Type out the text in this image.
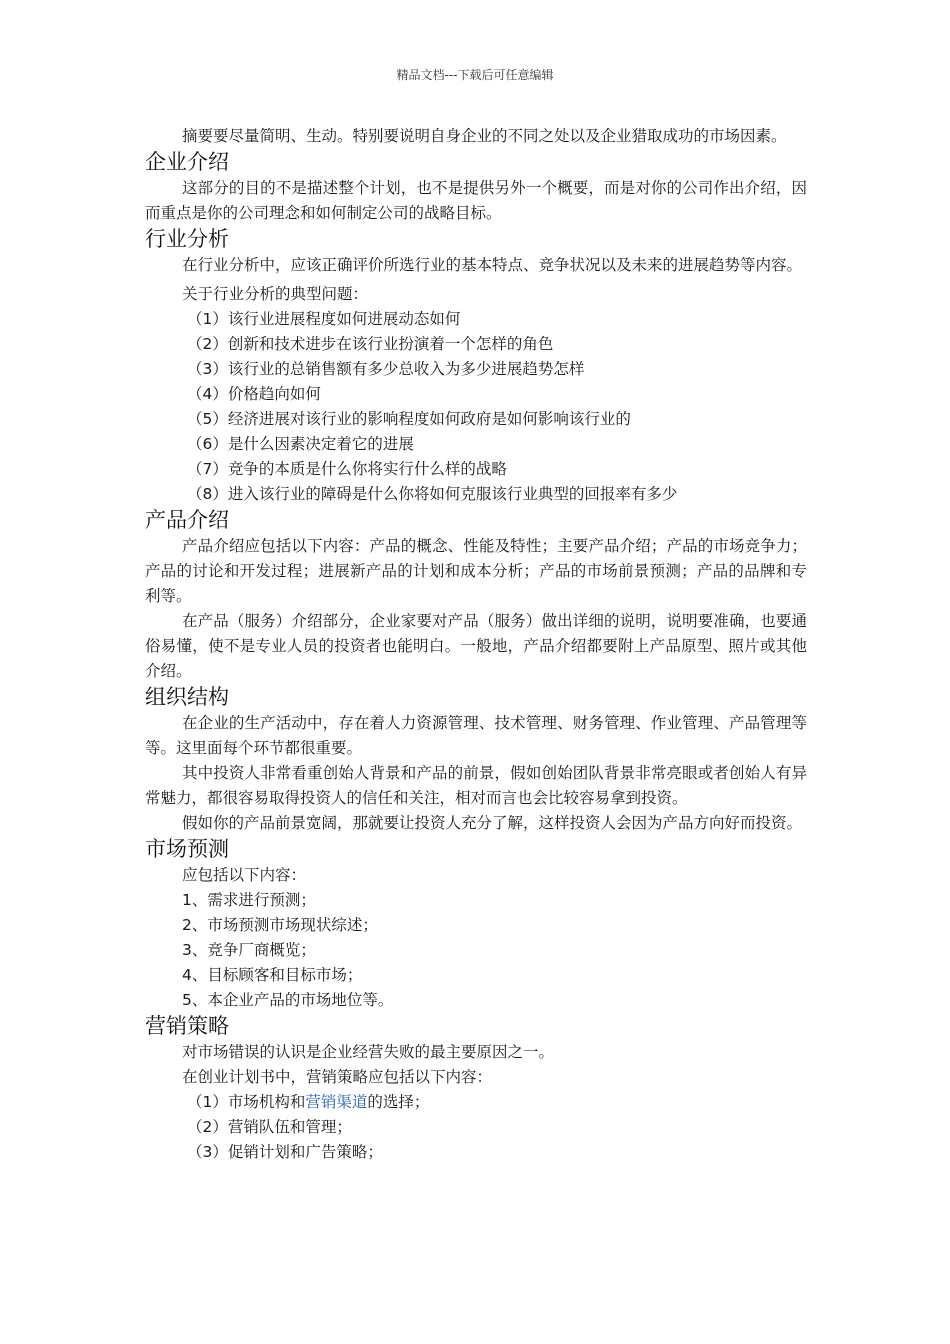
精品文档---下载后可任意编辑

摘要要尽量简明、生动。特别要说明自身企业的不同之处以及企业猎取成功的市场因素。

企业介绍

这部分的目的不是描述整个计划，也不是提供另外一个概要，而是对你的公司作出介绍，因而重点是你的公司理念和如何制定公司的战略目标。

行业分析

在行业分析中，应该正确评价所选行业的基本特点、竞争状况以及未来的进展趋势等内容。

关于行业分析的典型问题：

（1）该行业进展程度如何进展动态如何

（2）创新和技术进步在该行业扮演着一个怎样的角色

（3）该行业的总销售额有多少总收入为多少进展趋势怎样

（4）价格趋向如何

（5）经济进展对该行业的影响程度如何政府是如何影响该行业的

（6）是什么因素决定着它的进展

（7）竞争的本质是什么你将实行什么样的战略

（8）进入该行业的障碍是什么你将如何克服该行业典型的回报率有多少

产品介绍

产品介绍应包括以下内容：产品的概念、性能及特性；主要产品介绍；产品的市场竞争力；产品的讨论和开发过程；进展新产品的计划和成本分析；产品的市场前景预测；产品的品牌和专利等。

在产品（服务）介绍部分，企业家要对产品（服务）做出详细的说明，说明要准确，也要通俗易懂，使不是专业人员的投资者也能明白。一般地，产品介绍都要附上产品原型、照片或其他介绍。

组织结构

在企业的生产活动中，存在着人力资源管理、技术管理、财务管理、作业管理、产品管理等等。这里面每个环节都很重要。

其中投资人非常看重创始人背景和产品的前景，假如创始团队背景非常亮眼或者创始人有异常魅力，都很容易取得投资人的信任和关注，相对而言也会比较容易拿到投资。

假如你的产品前景宽阔，那就要让投资人充分了解，这样投资人会因为产品方向好而投资。

市场预测

应包括以下内容：

1、需求进行预测；

2、市场预测市场现状综述；

3、竞争厂商概览；

4、目标顾客和目标市场；

5、本企业产品的市场地位等。

营销策略

对市场错误的认识是企业经营失败的最主要原因之一。

在创业计划书中，营销策略应包括以下内容：

（1）市场机构和营销渠道的选择；

（2）营销队伍和管理；

（3）促销计划和广告策略；
